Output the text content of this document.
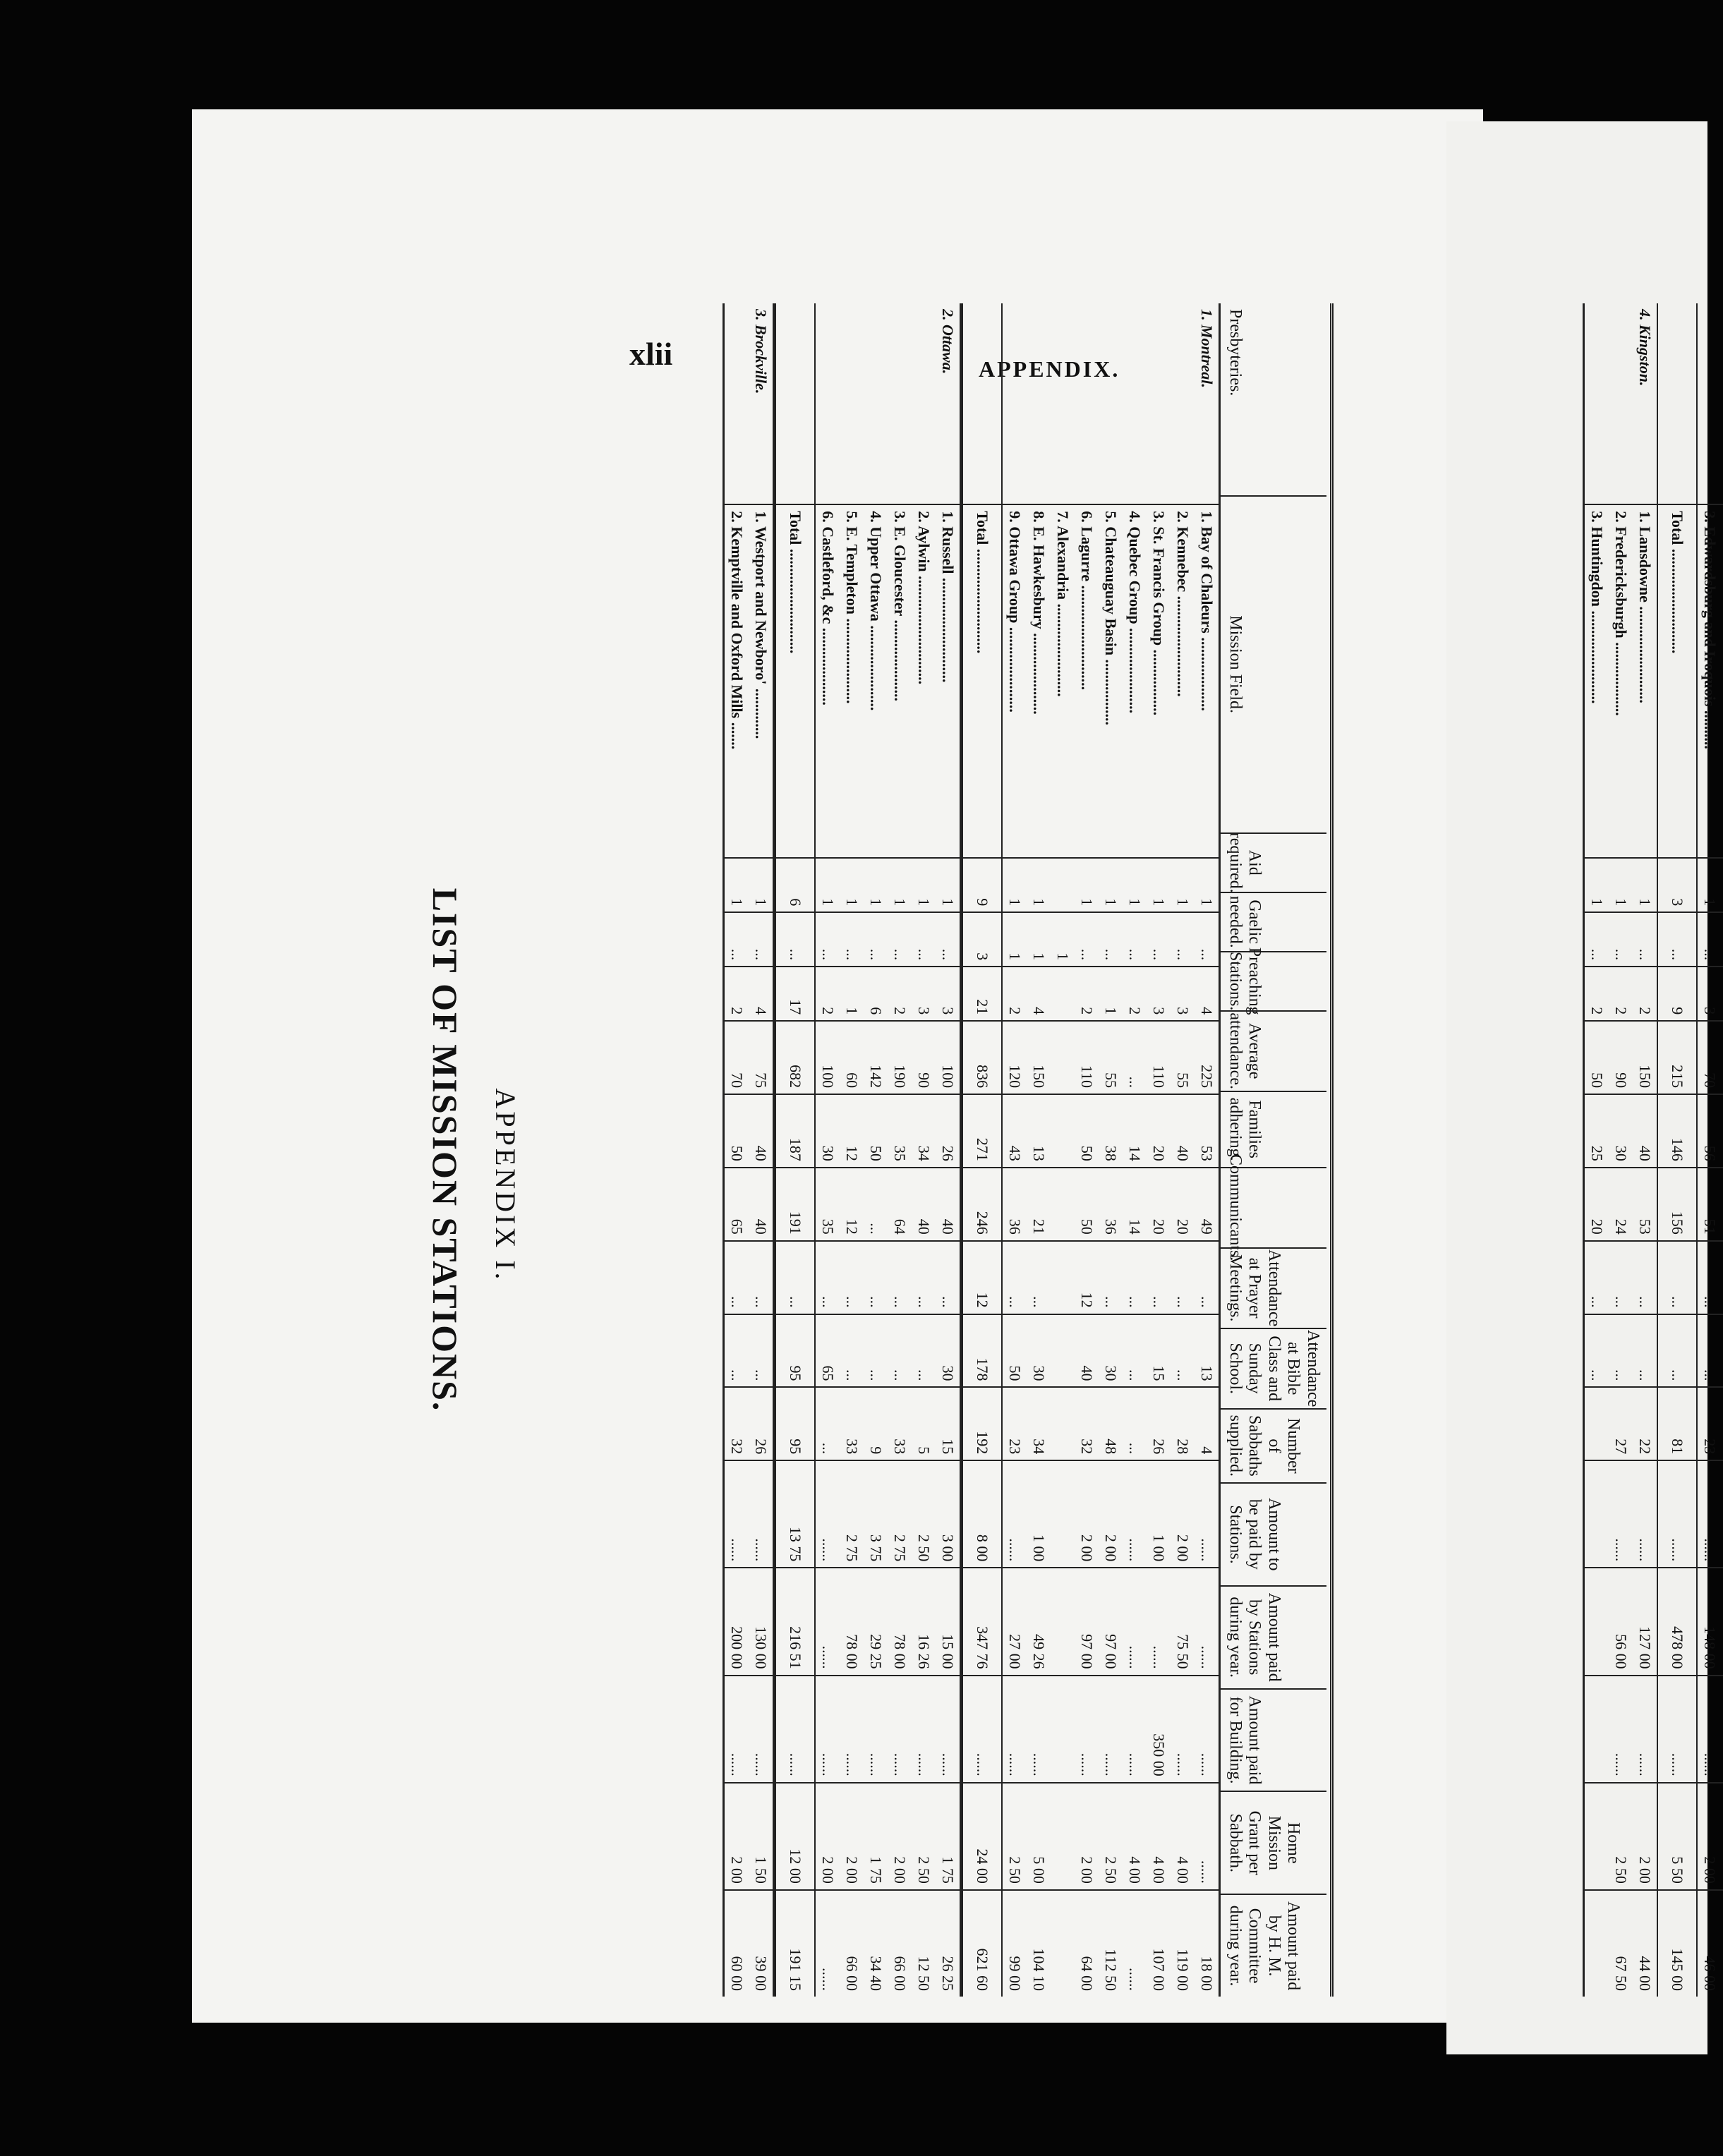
xlii	APPENDIX.
APPENDIX I.
LIST OF MISSION STATIONS.
Presbyteries.
Mission Field.
Aid required.
Gaelic needed.
Preaching Stations.
Average attendance.
Families adhering.
Communicants.
Attendance at Prayer Meetings.
Attendance at Bible Class and Sunday School.
Number of Sabbaths supplied.
Amount to be paid by Stations.
Amount paid by Stations during year.
Amount paid for Building.
Home Mission Grant per Sabbath.
Amount paid by H. M. Committee during year.
1. Montreal.
1. Bay of Chaleurs ...................
1
...
4
225
53
49
...
13
4
......
......
......
......
18 00
2. Kennebec ..........................
1
...
3
55
40
20
...
...
28
2 00
75 50
......
4 00
119 00
3. St. Francis Group .................
1
...
3
110
20
20
...
15
26
1 00
......
350 00
4 00
107 00
4. Quebec Group ......................
1
...
2
...
14
14
...
...
...
......
......
......
4 00
......
5. Chateauguay Basin .................
1
...
1
55
38
36
...
30
48
2 00
97 00
......
2 50
112 50
6. Lagurre ...........................
1
...
2
110
50
50
12
40
32
2 00
97 00
......
2 00
64 00
7. Alexandria ........................
1
8. E. Hawkesbury .....................
1
1
4
150
13
21
...
30
34
1 00
49 26
......
5 00
104 10
9. Ottawa Group ......................
1
1
2
120
43
36
...
50
23
......
27 00
......
2 50
99 00
Total ...........................
9
3
21
836
271
246
12
178
192
8 00
347 76
......
24 00
621 60
2. Ottawa.
1. Russell ...........................
1
...
3
100
26
40
...
30
15
3 00
15 00
......
1 75
26 25
2. Aylwin ............................
1
...
3
90
34
40
...
...
5
2 50
16 26
......
2 50
12 50
3. E. Gloucester .....................
1
...
2
190
35
64
...
...
33
2 75
78 00
......
2 00
66 00
4. Upper Ottawa ......................
1
...
6
142
50
...
...
...
9
3 75
29 25
......
1 75
34 40
5. E. Templeton ......................
1
...
1
60
12
12
...
...
33
2 75
78 00
......
2 00
66 00
6. Castleford, &c ....................
1
...
2
100
30
35
...
65
...
......
......
......
2 00
......
Total ...........................
6
...
17
682
187
191
...
95
95
13 75
216 51
......
12 00
191 15
3. Brockville.
1. Westport and Newboro' .............
1
...
4
75
40
40
...
...
26
......
130 00
......
1 50
39 00
2. Kemptville and Oxford Mills .......
1
...
2
70
50
65
...
...
32
......
200 00
......
2 00
60 00
3. Edwardsburg and Iroquois ..........
1
...
3
70
56
51
...
...
23
......
148 00
......
2 00
46 00
Total ...........................
3
...
9
215
146
156
...
...
81
......
478 00
......
5 50
145 00
4. Kingston.
1. Lansdowne .........................
1
...
2
150
40
53
...
...
22
......
127 00
......
2 00
44 00
2. Fredericksburgh ...................
1
...
2
90
30
24
...
...
27
......
56 00
......
2 50
67 50
3. Huntingdon ........................
1
...
2
50
25
20
...
...
